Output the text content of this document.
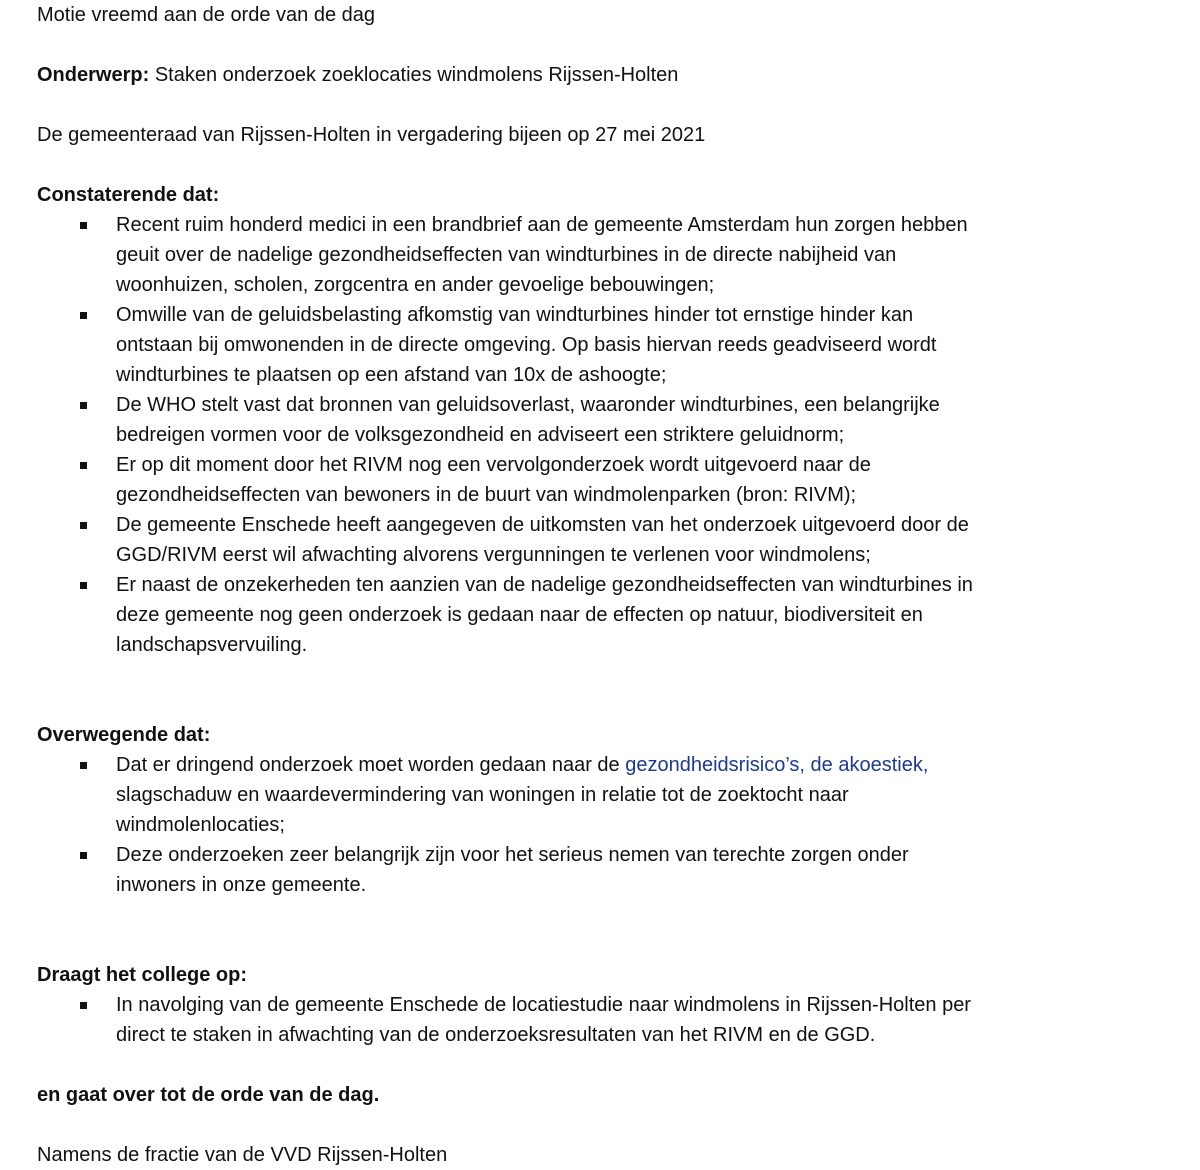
Motie vreemd aan de orde van de dag

Onderwerp: Staken onderzoek zoeklocaties windmolens Rijssen-Holten

De gemeenteraad van Rijssen-Holten in vergadering bijeen op 27 mei 2021

Constaterende dat:

Recent ruim honderd medici in een brandbrief aan de gemeente Amsterdam hun zorgen hebben
geuit over de nadelige gezondheidseffecten van windturbines in de directe nabijheid van
woonhuizen, scholen, zorgcentra en ander gevoelige bebouwingen;
Omwille van de geluidsbelasting afkomstig van windturbines hinder tot ernstige hinder kan
ontstaan bij omwonenden in de directe omgeving. Op basis hiervan reeds geadviseerd wordt
windturbines te plaatsen op een afstand van 10x de ashoogte;
De WHO stelt vast dat bronnen van geluidsoverlast, waaronder windturbines, een belangrijke
bedreigen vormen voor de volksgezondheid en adviseert een striktere geluidnorm;
Er op dit moment door het RIVM nog een vervolgonderzoek wordt uitgevoerd naar de
gezondheidseffecten van bewoners in de buurt van windmolenparken (bron: RIVM);
De gemeente Enschede heeft aangegeven de uitkomsten van het onderzoek uitgevoerd door de
GGD/RIVM eerst wil afwachting alvorens vergunningen te verlenen voor windmolens;
Er naast de onzekerheden ten aanzien van de nadelige gezondheidseffecten van windturbines in
deze gemeente nog geen onderzoek is gedaan naar de effecten op natuur, biodiversiteit en
landschapsvervuiling.

Overwegende dat:

Dat er dringend onderzoek moet worden gedaan naar de gezondheidsrisico’s, de akoestiek,
slagschaduw en waardevermindering van woningen in relatie tot de zoektocht naar
windmolenlocaties;
Deze onderzoeken zeer belangrijk zijn voor het serieus nemen van terechte zorgen onder
inwoners in onze gemeente.

Draagt het college op:

In navolging van de gemeente Enschede de locatiestudie naar windmolens in Rijssen-Holten per
direct te staken in afwachting van de onderzoeksresultaten van het RIVM en de GGD.

en gaat over tot de orde van de dag.

Namens de fractie van de VVD Rijssen-Holten
